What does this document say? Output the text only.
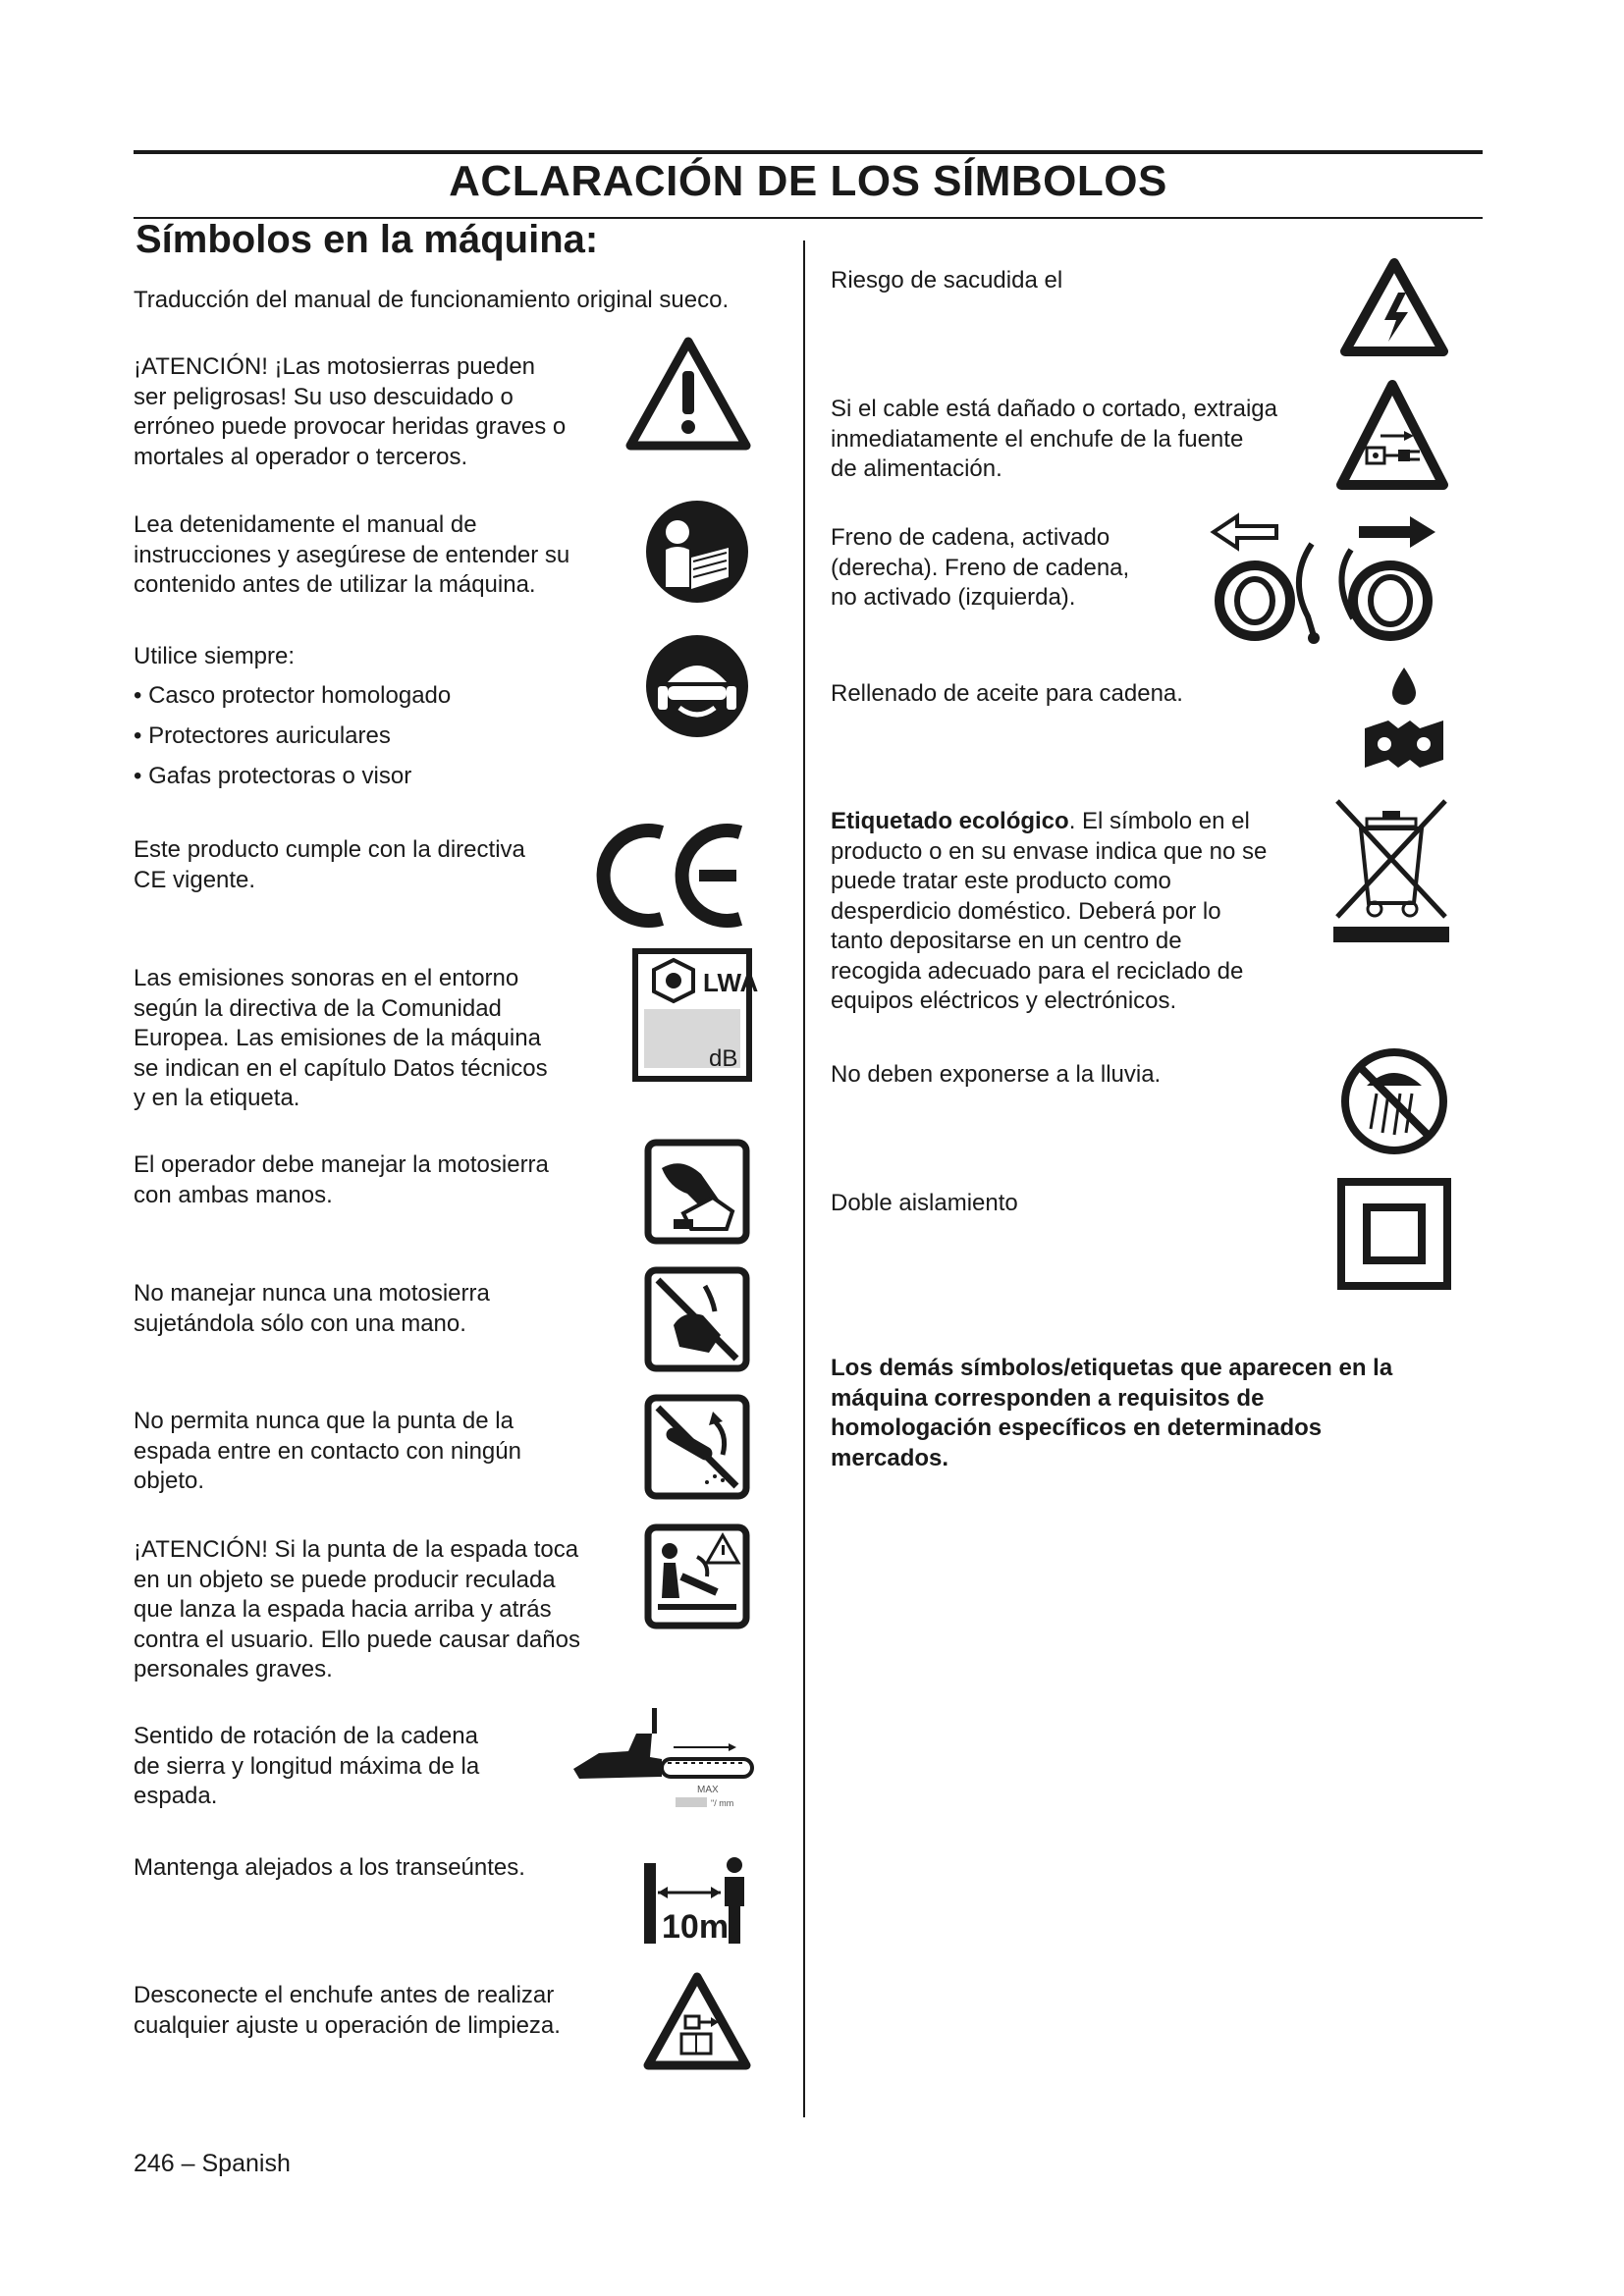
ACLARACIÓN DE LOS SÍMBOLOS
Símbolos en la máquina:
Traducción del manual de funcionamiento original sueco.
¡ATENCIÓN! ¡Las motosierras pueden
ser peligrosas! Su uso descuidado o
erróneo puede provocar heridas graves o
mortales al operador o terceros.
Lea detenidamente el manual de
instrucciones y asegúrese de entender su
contenido antes de utilizar la máquina.
Utilice siempre:
• Casco protector homologado
• Protectores auriculares
• Gafas protectoras o visor
Este producto cumple con la directiva
CE vigente.
Las emisiones sonoras en el entorno
según la directiva de la Comunidad
Europea. Las emisiones de la máquina
se indican en el capítulo Datos técnicos
y en la etiqueta.
LWA
dB
El operador debe manejar la motosierra
con ambas manos.
No manejar nunca una motosierra
sujetándola sólo con una mano.
No permita nunca que la punta de la
espada entre en contacto con ningún
objeto.
¡ATENCIÓN! Si la punta de la espada toca
en un objeto se puede producir reculada
que lanza la espada hacia arriba y atrás
contra el usuario. Ello puede causar daños
personales graves.
Sentido de rotación de la cadena
de sierra y longitud máxima de la
espada.	MAX
"/ mm
Mantenga alejados a los transeúntes.
10m
Desconecte el enchufe antes de realizar
cualquier ajuste u operación de limpieza.
Riesgo de sacudida el
Si el cable está dañado o cortado, extraiga
inmediatamente el enchufe de la fuente
de alimentación.
Freno de cadena, activado
(derecha). Freno de cadena,
no activado (izquierda).
Rellenado de aceite para cadena.
Etiquetado ecológico. El símbolo en el
producto o en su envase indica que no se
puede tratar este producto como
desperdicio doméstico. Deberá por lo
tanto depositarse en un centro de
recogida adecuado para el reciclado de
equipos eléctricos y electrónicos.
No deben exponerse a la lluvia.
Doble aislamiento
Los demás símbolos/etiquetas que aparecen en la
máquina corresponden a requisitos de
homologación específicos en determinados
mercados.
246 – Spanish
